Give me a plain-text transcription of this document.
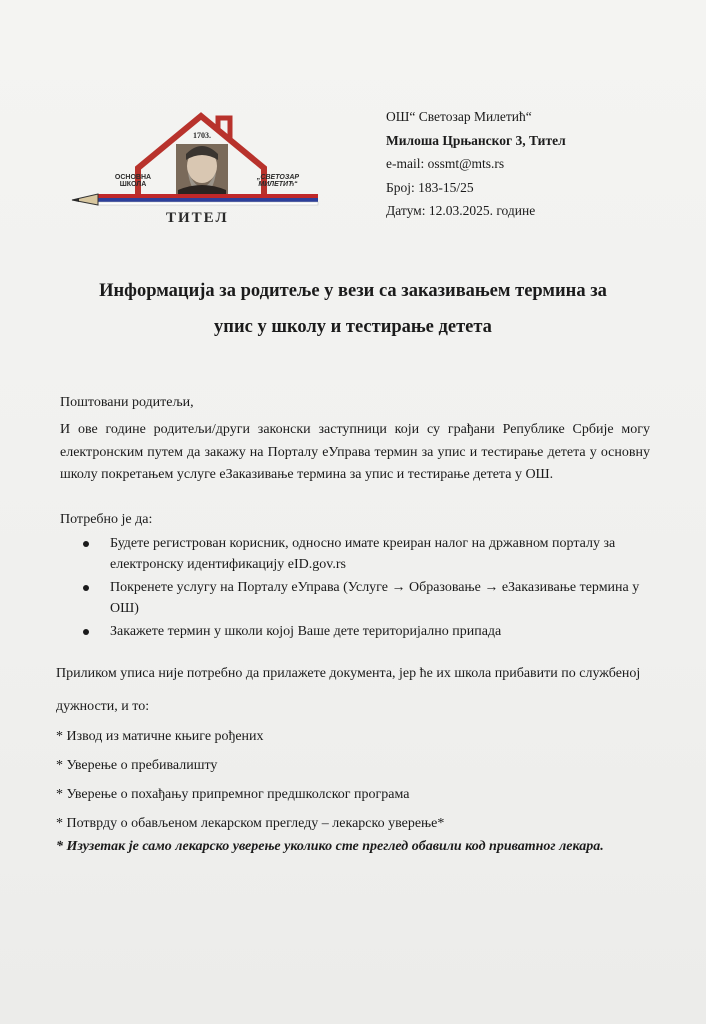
1703.
ОСНОВНА
ШКОЛА
„СВЕТОЗАР
МИЛЕТИЋ“
ТИТЕЛ
ОШ“ Светозар Милетић“
Милоша Црњанског 3, Тител
e-mail: ossmt@mts.rs
Број: 183-15/25
Датум: 12.03.2025. године
Информација за родитеље у вези са заказивањем термина за
упис у школу и тестирање детета

Поштовани родитељи,

И ове године родитељи/други законски заступници који су грађани Републике Србије могу електронским путем да закажу на Порталу еУправа термин за упис и тестирање детета у основну школу покретањем услуге еЗаказивање термина за упис и тестирање детета у ОШ.

Потребно је да:

Будете регистрован корисник, односно имате креиран налог на државном порталу за електронску идентификацију eID.gov.rs
Покренете услугу на Порталу еУправа (Услуге → Образовање → еЗаказивање термина у ОШ)
Закажете термин у школи којој Ваше дете територијално припада

Приликом уписа није потребно да прилажете документа, јер ће их школа прибавити по службеној дужности, и то:

* Извод из матичне књиге рођених
* Уверење о пребивалишту
* Уверење о похађању припремног предшколског програма
* Потврду о обављеном лекарском прегледу – лекарско уверење*

* Изузетак је само лекарско уверење уколико сте преглед обавили код приватног лекара.
